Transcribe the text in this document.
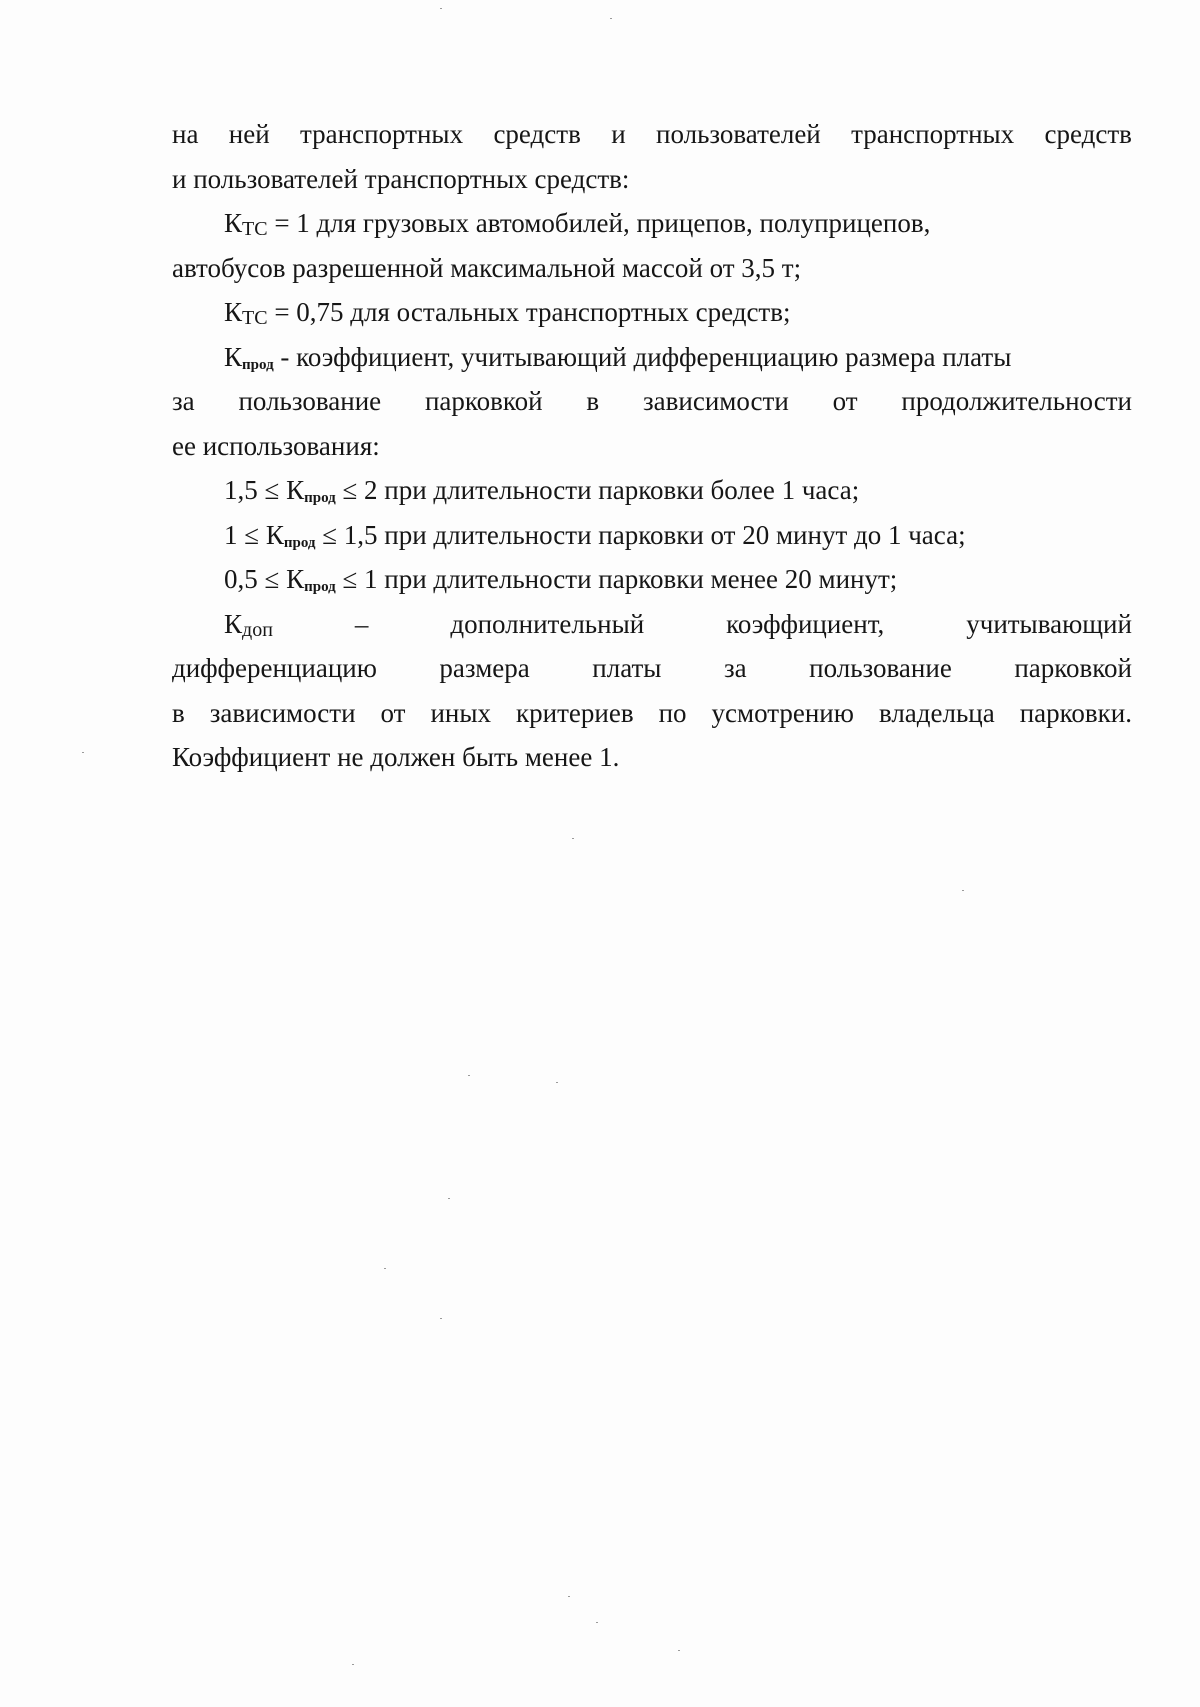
на ней транспортных средств и пользователей транспортных средств
и пользователей транспортных средств:
КТС = 1 для грузовых автомобилей, прицепов, полуприцепов,
автобусов разрешенной максимальной массой от 3,5 т;
КТС = 0,75 для остальных транспортных средств;
$К_{прод}$ - коэффициент, учитывающий дифференциацию размера платы
за пользование парковкой в зависимости от продолжительности
ее использования:
$1,5 \le К_{прод} \le 2$ при длительности парковки более 1 часа;
$1 \le К_{прод} \le 1,5$ при длительности парковки от 20 минут до 1 часа;
$0,5 \le К_{прод} \le 1$ при длительности парковки менее 20 минут;
Кдоп	–	дополнительный	коэффициент,	учитывающий
дифференциацию размера платы за пользование парковкой
в зависимости от иных критериев по усмотрению владельца парковки.
Коэффициент не должен быть менее 1.
